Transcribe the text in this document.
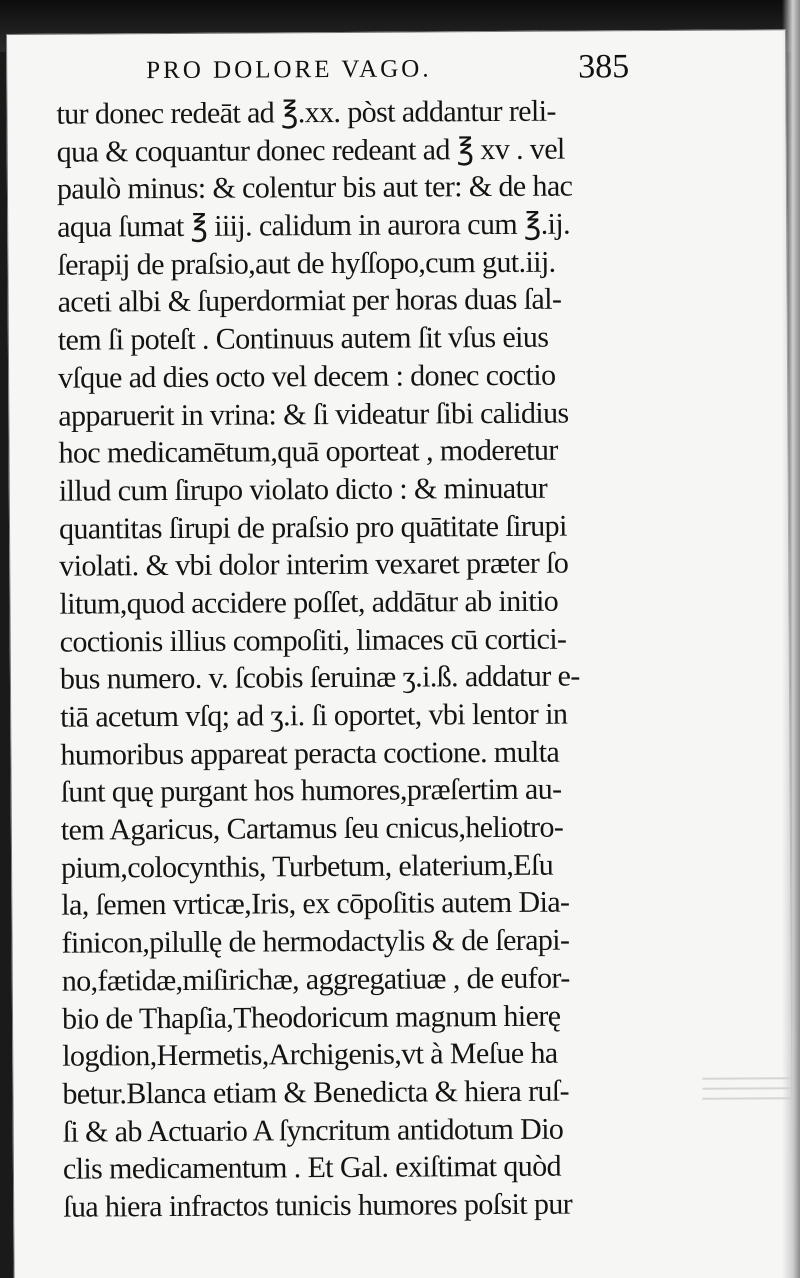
PRO DOLORE VAGO.	385
tur donec redeāt ad ℥.xx. pòst addantur reli-
qua & coquantur donec redeant ad ℥ xv . vel
paulò minus: & colentur bis aut ter: & de hac
aqua ſumat ℥ iiij. calidum in aurora cum ℥.ij.
ſerapij de praſsio,aut de hyſſopo,cum gut.iij.
aceti albi & ſuperdormiat per horas duas ſal-
tem ſi poteſt . Continuus autem ſit vſus eius
vſque ad dies octo vel decem : donec coctio
apparuerit in vrina: & ſi videatur ſibi calidius
hoc medicamētum,quā oporteat , moderetur
illud cum ſirupo violato dicto : & minuatur
quantitas ſirupi de praſsio pro quātitate ſirupi
violati. & vbi dolor interim vexaret præter ſo
litum,quod accidere poſſet, addātur ab initio
coctionis illius compoſiti, limaces cū cortici-
bus numero. v. ſcobis ſeruinæ ʒ.i.ß. addatur e-
tiā acetum vſq; ad ʒ.i. ſi oportet, vbi lentor in
humoribus appareat peracta coctione. multa
ſunt quę purgant hos humores,præſertim au-
tem Agaricus, Cartamus ſeu cnicus,heliotro-
pium,colocynthis, Turbetum, elaterium,Eſu
la, ſemen vrticæ,Iris, ex cōpoſitis autem Dia-
finicon,pilullę de hermodactylis & de ſerapi-
no,fætidæ,miſirichæ, aggregatiuæ , de eufor-
bio de Thapſia,Theodoricum magnum hierę
logdion,Hermetis,Archigenis,vt à Meſue ha
betur.Blanca etiam & Benedicta & hiera ruſ-
ſi & ab Actuario A ſyncritum antidotum Dio
clis medicamentum . Et Gal. exiſtimat quòd
ſua hiera infractos tunicis humores poſsit pur
